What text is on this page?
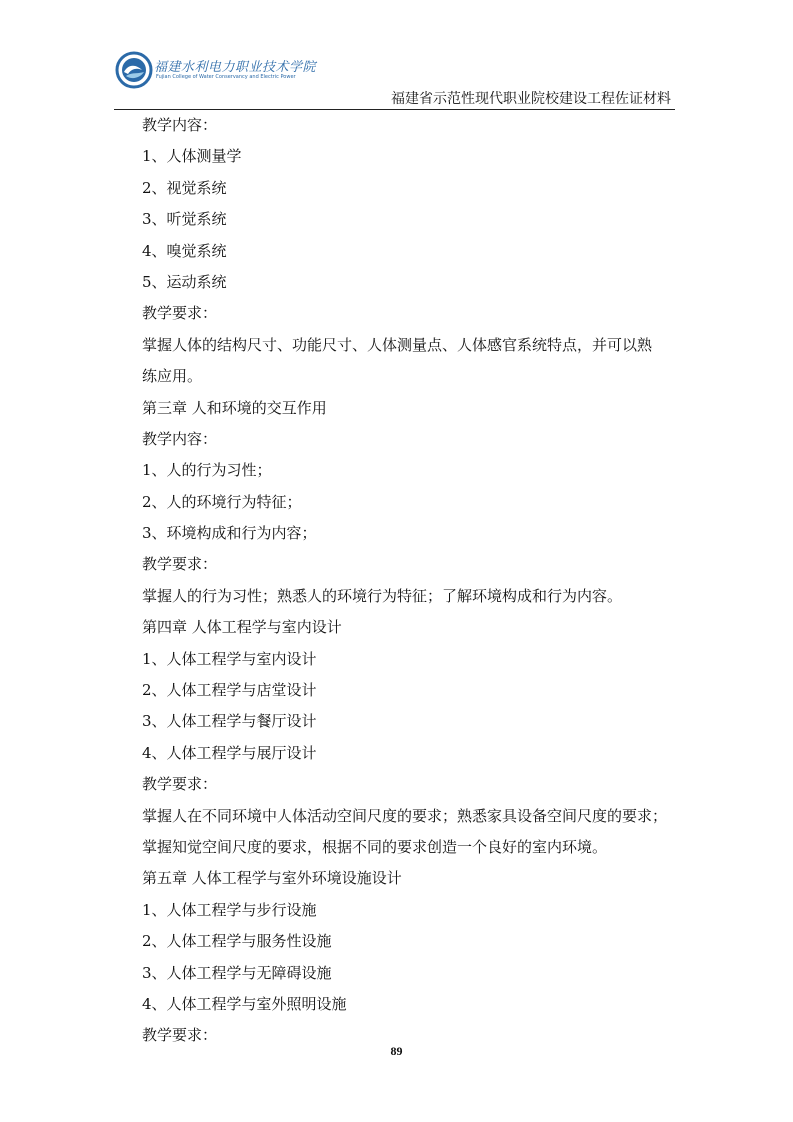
福建水利电力职业技术学院
Fujian College of Water Conservancy and Electric Power
福建省示范性现代职业院校建设工程佐证材料
教学内容：
1、人体测量学
2、视觉系统
3、听觉系统
4、嗅觉系统
5、运动系统
教学要求：
掌握人体的结构尺寸、功能尺寸、人体测量点、人体感官系统特点，并可以熟
练应用。
第三章 人和环境的交互作用
教学内容：
1、人的行为习性；
2、人的环境行为特征；
3、环境构成和行为内容；
教学要求：
掌握人的行为习性；熟悉人的环境行为特征；了解环境构成和行为内容。
第四章 人体工程学与室内设计
1、人体工程学与室内设计
2、人体工程学与店堂设计
3、人体工程学与餐厅设计
4、人体工程学与展厅设计
教学要求：
掌握人在不同环境中人体活动空间尺度的要求；熟悉家具设备空间尺度的要求；
掌握知觉空间尺度的要求，根据不同的要求创造一个良好的室内环境。
第五章 人体工程学与室外环境设施设计
1、人体工程学与步行设施
2、人体工程学与服务性设施
3、人体工程学与无障碍设施
4、人体工程学与室外照明设施
教学要求：
89
